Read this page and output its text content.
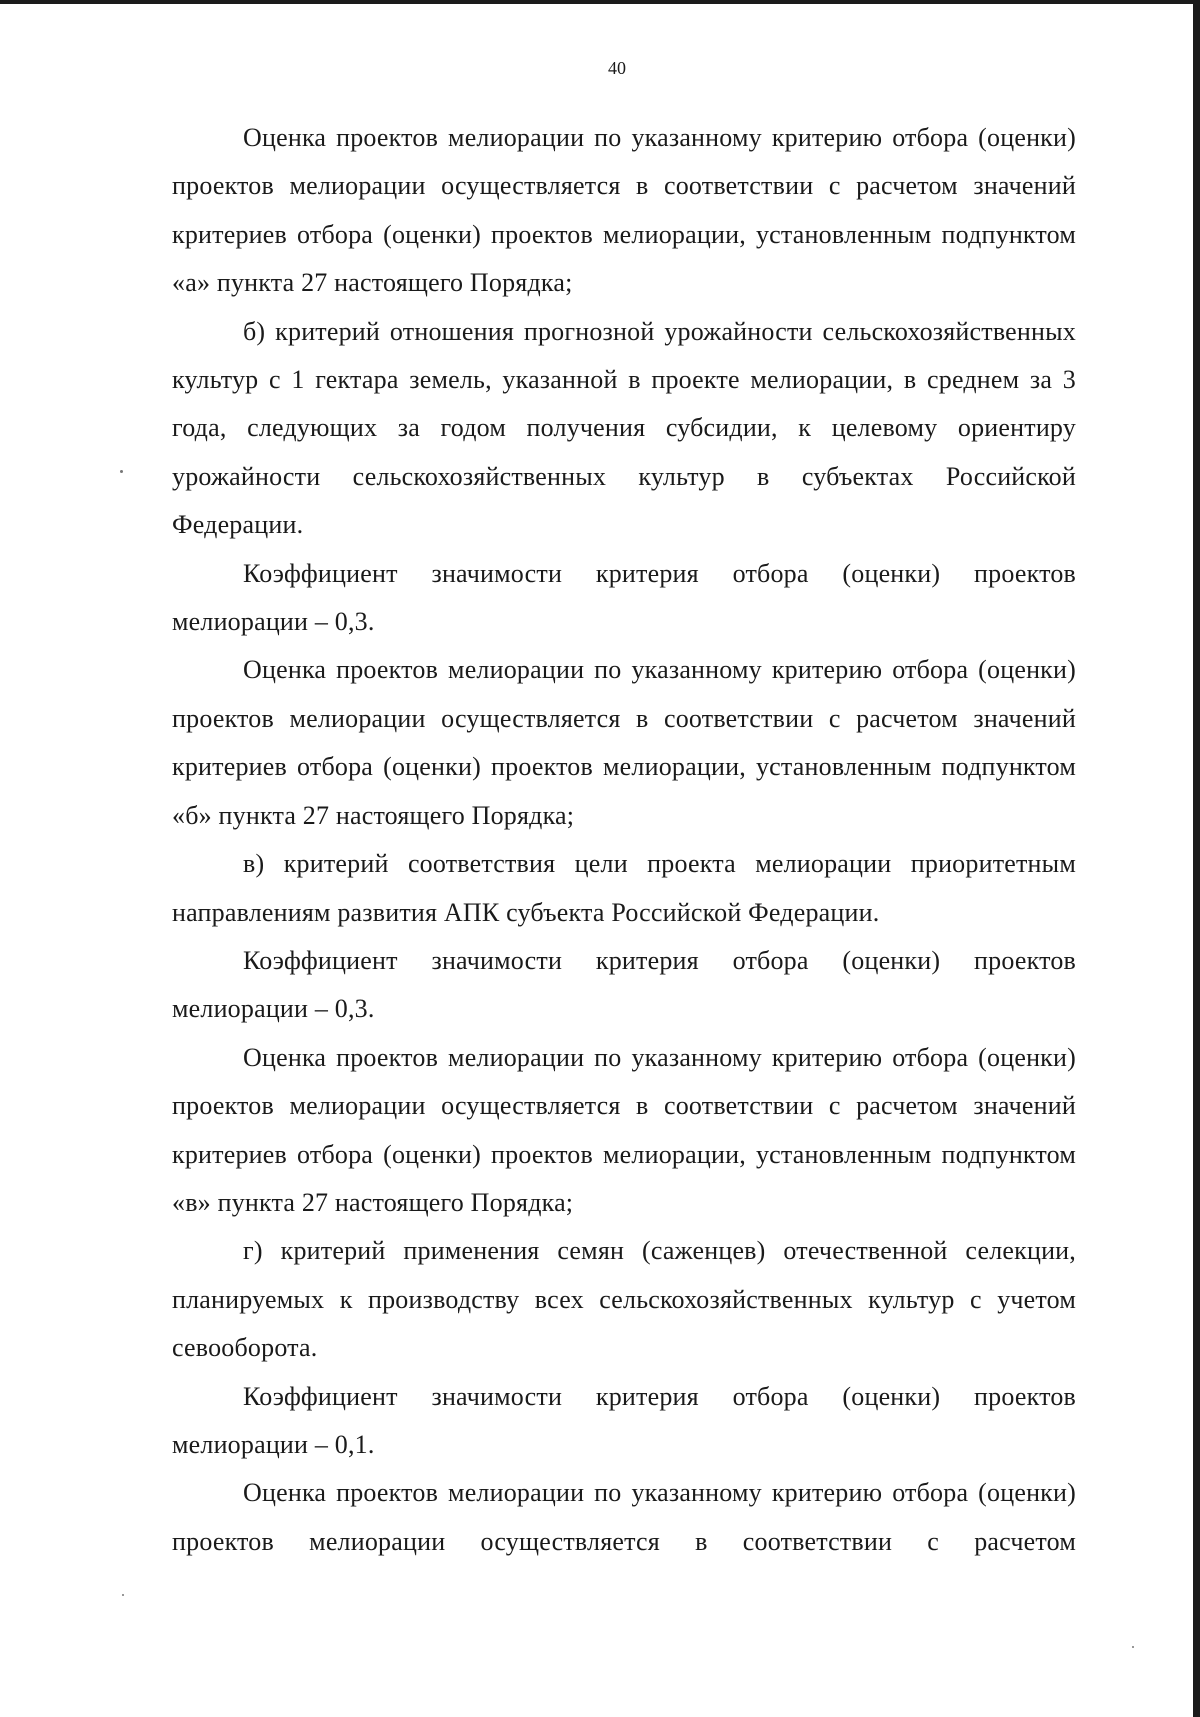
40

Оценка проектов мелиорации по указанному критерию отбора (оценки) проектов мелиорации осуществляется в соответствии с расчетом значений критериев отбора (оценки) проектов мелиорации, установленным подпунктом «а» пункта 27 настоящего Порядка;

б) критерий отношения прогнозной урожайности сельскохозяйственных культур с 1 гектара земель, указанной в проекте мелиорации, в среднем за 3 года, следующих за годом получения субсидии, к целевому ориентиру урожайности сельскохозяйственных культур в субъектах Российской Федерации.

Коэффициент значимости критерия отбора (оценки) проектов мелиорации – 0,3.

Оценка проектов мелиорации по указанному критерию отбора (оценки) проектов мелиорации осуществляется в соответствии с расчетом значений критериев отбора (оценки) проектов мелиорации, установленным подпунктом «б» пункта 27 настоящего Порядка;

в) критерий соответствия цели проекта мелиорации приоритетным направлениям развития АПК субъекта Российской Федерации.

Коэффициент значимости критерия отбора (оценки) проектов мелиорации – 0,3.

Оценка проектов мелиорации по указанному критерию отбора (оценки) проектов мелиорации осуществляется в соответствии с расчетом значений критериев отбора (оценки) проектов мелиорации, установленным подпунктом «в» пункта 27 настоящего Порядка;

г) критерий применения семян (саженцев) отечественной селекции, планируемых к производству всех сельскохозяйственных культур с учетом севооборота.

Коэффициент значимости критерия отбора (оценки) проектов мелиорации – 0,1.

Оценка проектов мелиорации по указанному критерию отбора (оценки) проектов мелиорации осуществляется в соответствии с расчетом
